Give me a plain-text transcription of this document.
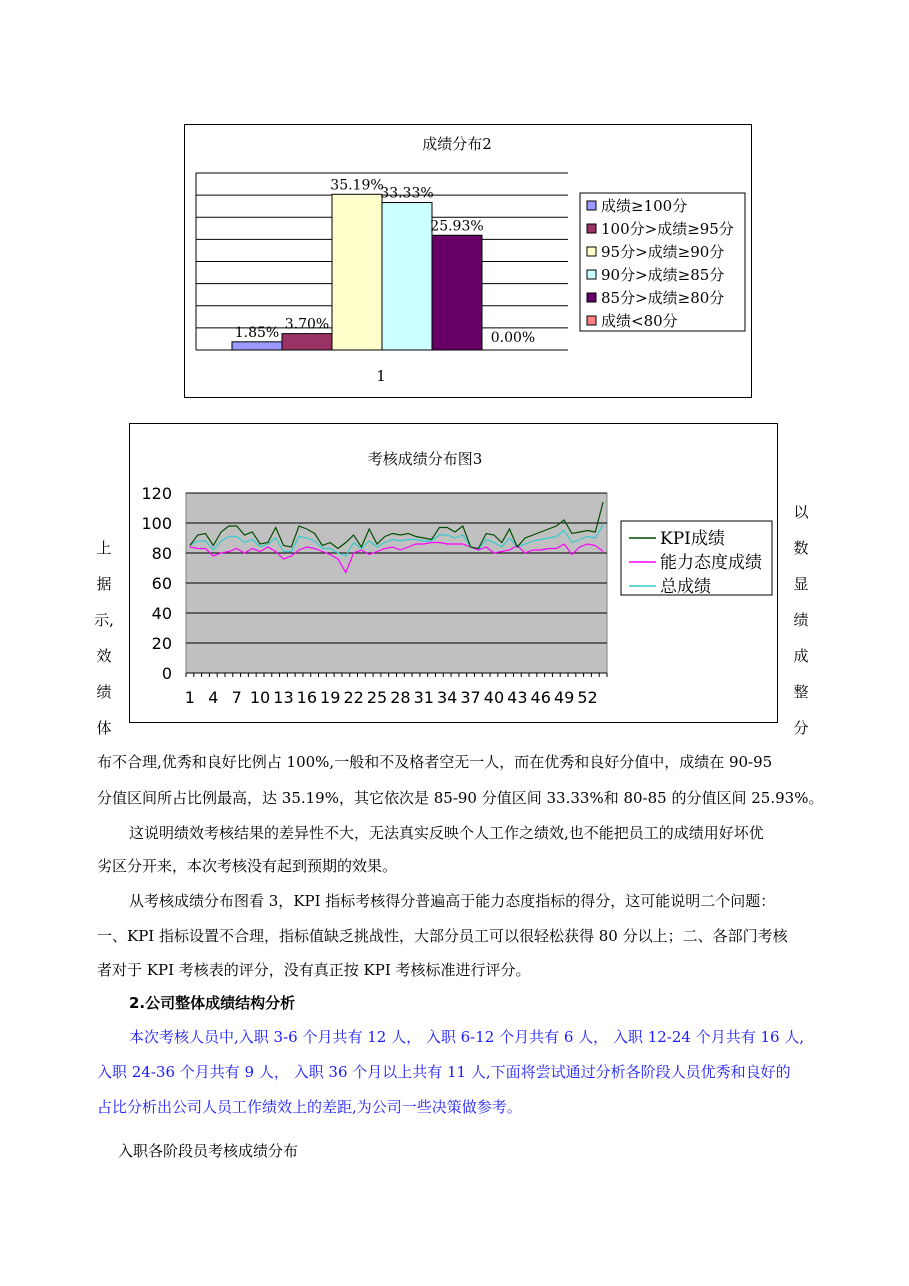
成绩分布2
1.85%
3.70%
35.19%
33.33%
25.93%
0.00%
1
成绩≥100分
100分>成绩≥95分
95分>成绩≥90分
90分>成绩≥85分
85分>成绩≥80分
成绩<80分
考核成绩分布图3
0
20
40
60
80
100
120
1 4 7 10 13 16 19 22 25 28 31 34 37 40 43 46 49 52
KPI成绩
能力态度成绩
总成绩
上
据
示,
效
绩
体
以
数
显
绩
成
整
分
布不合理,优秀和良好比例占 100%,一般和不及格者空无一人，而在优秀和良好分值中，成绩在 90-95
分值区间所占比例最高，达 35.19%，其它依次是 85-90 分值区间 33.33%和 80-85 的分值区间 25.93%。
这说明绩效考核结果的差异性不大，无法真实反映个人工作之绩效,也不能把员工的成绩用好坏优
劣区分开来，本次考核没有起到预期的效果。
从考核成绩分布图看 3，KPI 指标考核得分普遍高于能力态度指标的得分，这可能说明二个问题：
一、KPI 指标设置不合理，指标值缺乏挑战性，大部分员工可以很轻松获得 80 分以上；二、各部门考核
者对于 KPI 考核表的评分，没有真正按 KPI 考核标准进行评分。
2.公司整体成绩结构分析
本次考核人员中,入职 3-6 个月共有 12 人， 入职 6-12 个月共有 6 人， 入职 12-24 个月共有 16 人,
入职 24-36 个月共有 9 人， 入职 36 个月以上共有 11 人,下面将尝试通过分析各阶段人员优秀和良好的
占比分析出公司人员工作绩效上的差距,为公司一些决策做参考。
入职各阶段员考核成绩分布
